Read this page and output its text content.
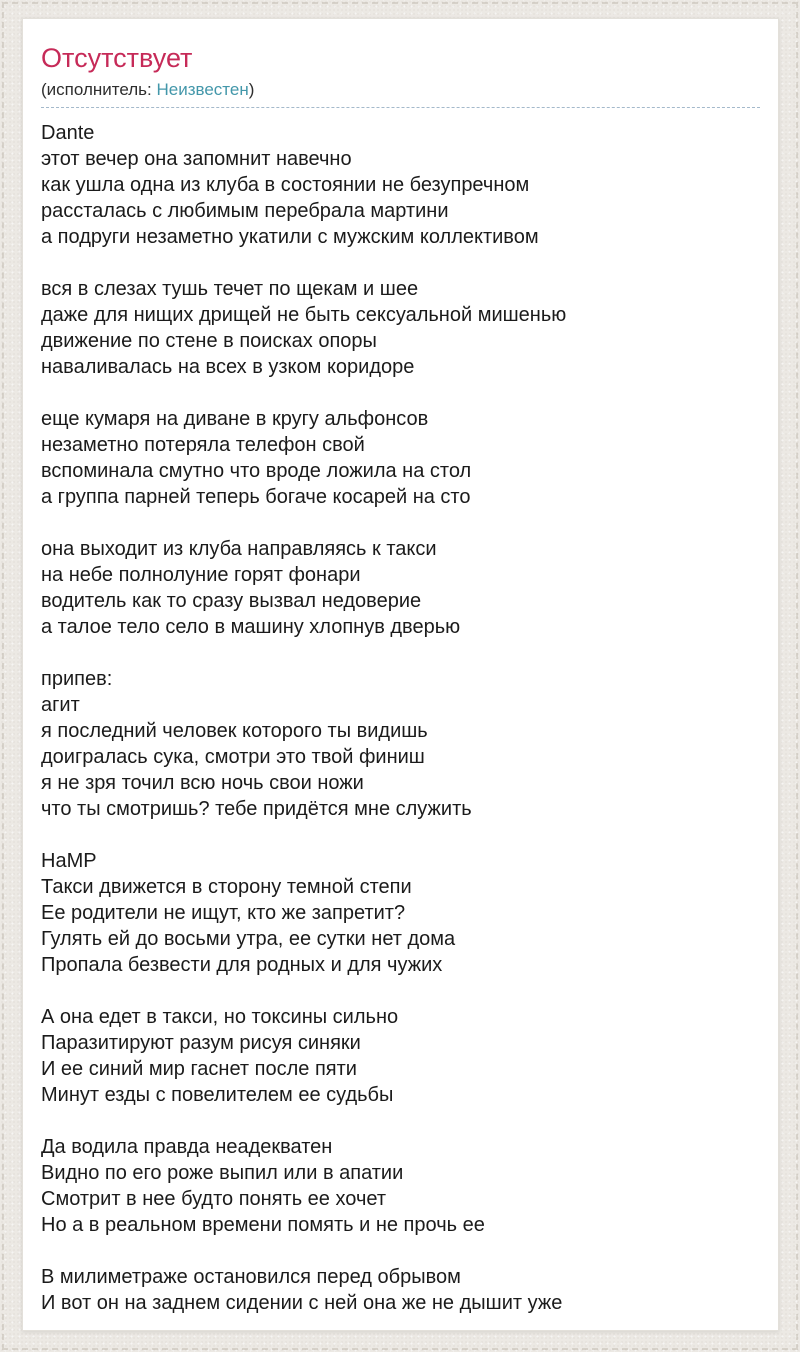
Отсутствует
(исполнитель: Неизвестен)
Dante
этот вечер она запомнит навечно
как ушла одна из клуба в состоянии не безупречном
рассталась с любимым перебрала мартини
а подруги незаметно укатили с мужским коллективом
вся в слезах тушь течет по щекам и шее
даже для нищих дрищей не быть сексуальной мишенью
движение по стене в поисках опоры
наваливалась на всех в узком коридоре
еще кумаря на диване в кругу альфонсов
незаметно потеряла телефон свой
вспоминала смутно что вроде ложила на стол
а группа парней теперь богаче косарей на сто
она выходит из клуба направляясь к такси
на небе полнолуние горят фонари
водитель как то сразу вызвал недоверие
а талое тело село в машину хлопнув дверью
припев:
агит
я последний человек которого ты видишь
доигралась сука, смотри это твой финиш
я не зря точил всю ночь свои ножи
что ты смотришь? тебе придётся мне служить
HaMP
Такси движется в сторону темной степи
Ее родители не ищут, кто же запретит?
Гулять ей до восьми утра, ее сутки нет дома
Пропала безвести для родных и для чужих
А она едет в такси, но токсины сильно
Паразитируют разум рисуя синяки
И ее синий мир гаснет после пяти
Минут езды с повелителем ее судьбы
Да водила правда неадекватен
Видно по его роже выпил или в апатии
Смотрит в нее будто понять ее хочет
Но а в реальном времени помять и не прочь ее
В милиметраже остановился перед обрывом
И вот он на заднем сидении с ней она же не дышит уже
